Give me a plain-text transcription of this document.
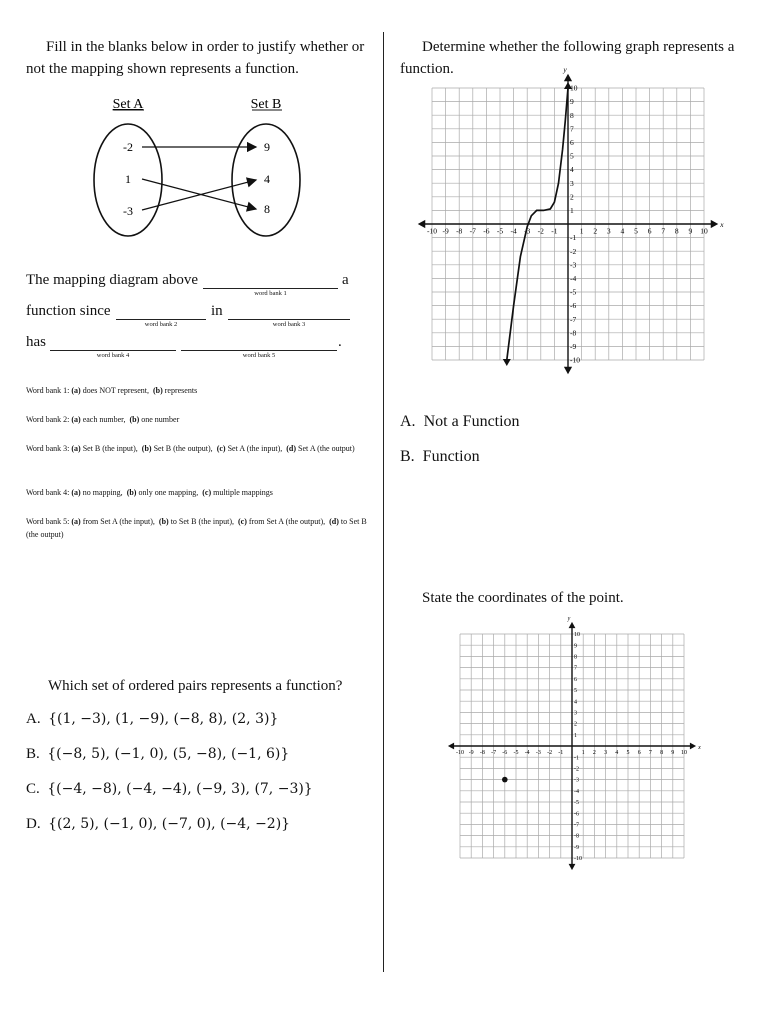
Fill in the blanks below in order to justify whether or not the mapping shown represents a function.
Set A	Set B
-2
1
-3
9
4
8
The mapping diagram above
word bank 1
a
function since
word bank 2
in
word bank 3
has
word bank 4	word bank 5
.
Word bank 1: (a) does NOT represent, (b) represents
Word bank 2: (a) each number, (b) one number
Word bank 3: (a) Set B (the input), (b) Set B (the output), (c) Set A (the input), (d) Set A (the output)
Word bank 4: (a) no mapping, (b) only one mapping, (c) multiple mappings
Word bank 5: (a) from Set A (the input), (b) to Set B (the input), (c) from Set A (the output), (d) to Set B (the output)
Which set of ordered pairs represents a function?
A. {(1, −3), (1, −9), (−8, 8), (2, 3)}
B. {(−8, 5), (−1, 0), (5, −8), (−1, 6)}
C. {(−4, −8), (−4, −4), (−9, 3), (7, −3)}
D. {(2, 5), (−1, 0), (−7, 0), (−4, −2)}
Determine whether the following graph represents a function.
-10
-10
-9
-9
-8
-8
-7
-7
-6
-6
-5
-5
-4
-4
-3
-3
-2
-2
-1
-1
1
1
2
2
3
3
4
4
5
5
6
6
7
7
8
8
9
9
10
10
x
y
A. Not a Function
B. Function
State the coordinates of the point.
-10
-10
-9
-9
-8
-8
-7
-7
-6
-6
-5
-5
-4
-4
-3
-3
-2
-2
-1
-1
1
1
2
2
3
3
4
4
5
5
6
6
7
7
8
8
9
9
10
10
x
y
